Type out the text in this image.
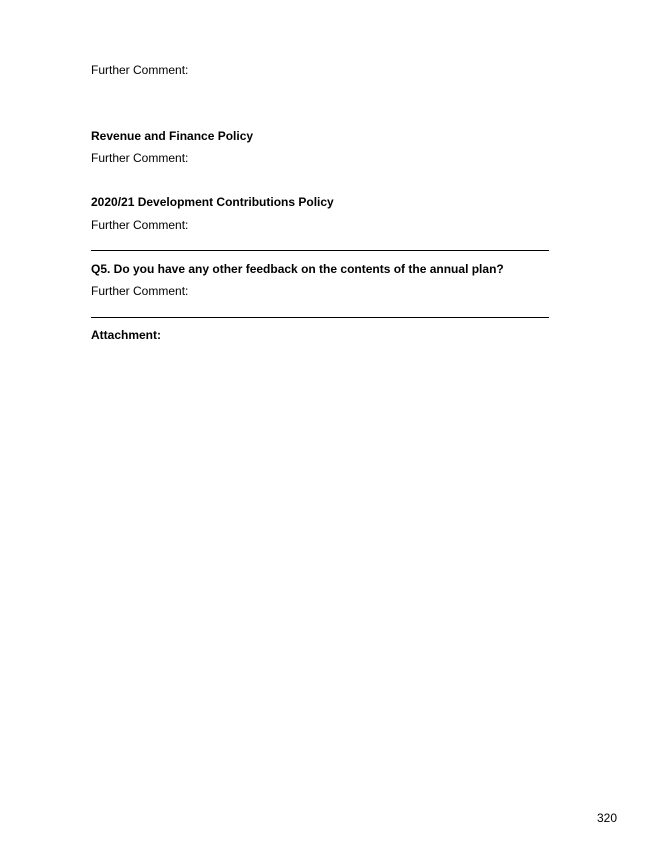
Further Comment:
Revenue and Finance Policy
Further Comment:
2020/21 Development Contributions Policy
Further Comment:
Q5. Do you have any other feedback on the contents of the annual plan?
Further Comment:
Attachment:
320
